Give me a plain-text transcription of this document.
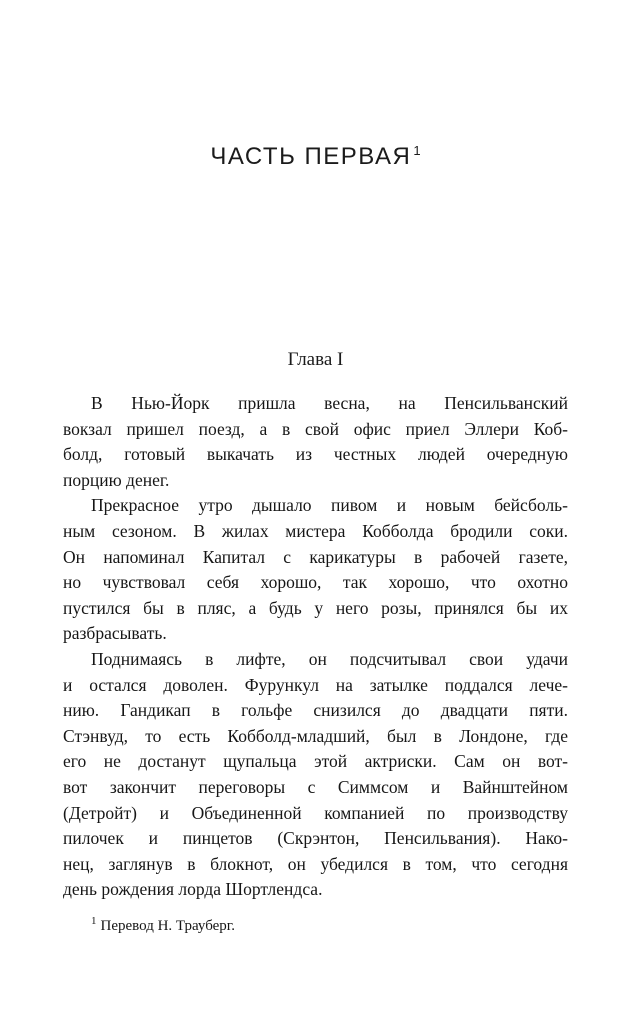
ЧАСТЬ ПЕРВАЯ $^1$
Глава I
В Нью-Йорк пришла весна, на Пенсильванский
вокзал пришел поезд, а в свой офис приел Эллери Коб-
болд, готовый выкачать из честных людей очередную
порцию денег.
Прекрасное утро дышало пивом и новым бейсболь-
ным сезоном. В жилах мистера Кобболда бродили соки.
Он напоминал Капитал с карикатуры в рабочей газете,
но чувствовал себя хорошо, так хорошо, что охотно
пустился бы в пляс, а будь у него розы, принялся бы их
разбрасывать.
Поднимаясь в лифте, он подсчитывал свои удачи
и остался доволен. Фурункул на затылке поддался лече-
нию. Гандикап в гольфе снизился до двадцати пяти.
Стэнвуд, то есть Кобболд-младший, был в Лондоне, где
его не достанут щупальца этой актриски. Сам он вот-
вот закончит переговоры с Симмсом и Вайнштейном
(Детройт) и Объединенной компанией по производству
пилочек и пинцетов (Скрэнтон, Пенсильвания). Нако-
нец, заглянув в блокнот, он убедился в том, что сегодня
день рождения лорда Шортлендса.
$^1$ Перевод Н. Трауберг.
